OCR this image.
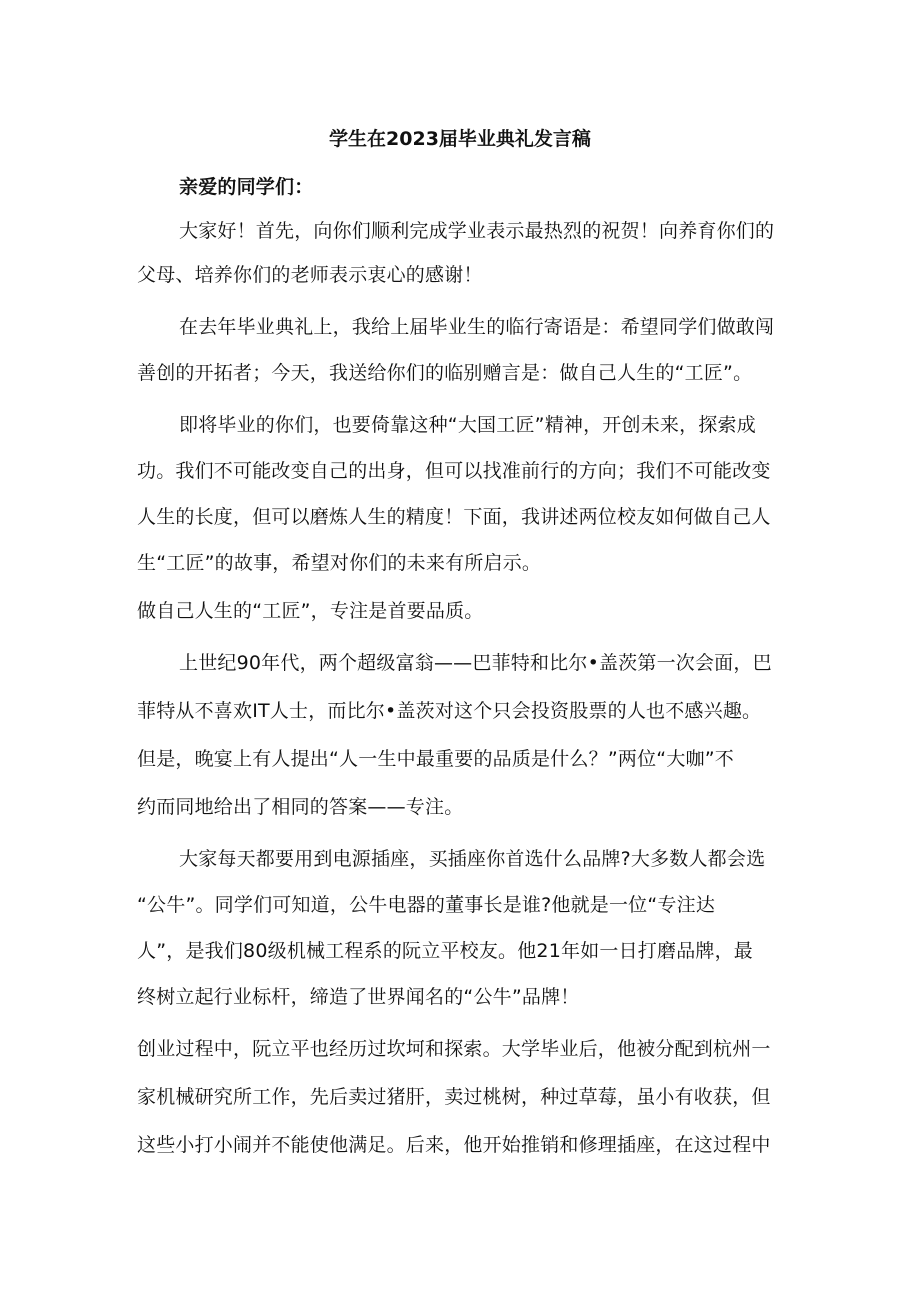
学生在2023届毕业典礼发言稿
亲爱的同学们：
大家好！首先，向你们顺利完成学业表示最热烈的祝贺！向养育你们的
父母、培养你们的老师表示衷心的感谢！
在去年毕业典礼上，我给上届毕业生的临行寄语是：希望同学们做敢闯
善创的开拓者；今天，我送给你们的临别赠言是：做自己人生的“工匠”。
即将毕业的你们，也要倚靠这种“大国工匠”精神，开创未来，探索成
功。我们不可能改变自己的出身，但可以找准前行的方向；我们不可能改变
人生的长度，但可以磨炼人生的精度！下面，我讲述两位校友如何做自己人
生“工匠”的故事，希望对你们的未来有所启示。
做自己人生的“工匠”，专注是首要品质。
上世纪90年代，两个超级富翁——巴菲特和比尔•盖茨第一次会面，巴
菲特从不喜欢IT人士，而比尔•盖茨对这个只会投资股票的人也不感兴趣。
但是，晚宴上有人提出“人一生中最重要的品质是什么？”两位“大咖”不
约而同地给出了相同的答案——专注。
大家每天都要用到电源插座，买插座你首选什么品牌?大多数人都会选
“公牛”。同学们可知道，公牛电器的董事长是谁?他就是一位“专注达
人”，是我们80级机械工程系的阮立平校友。他21年如一日打磨品牌，最
终树立起行业标杆，缔造了世界闻名的“公牛”品牌！
创业过程中，阮立平也经历过坎坷和探索。大学毕业后，他被分配到杭州一
家机械研究所工作，先后卖过猪肝，卖过桃树，种过草莓，虽小有收获，但
这些小打小闹并不能使他满足。后来，他开始推销和修理插座，在这过程中
